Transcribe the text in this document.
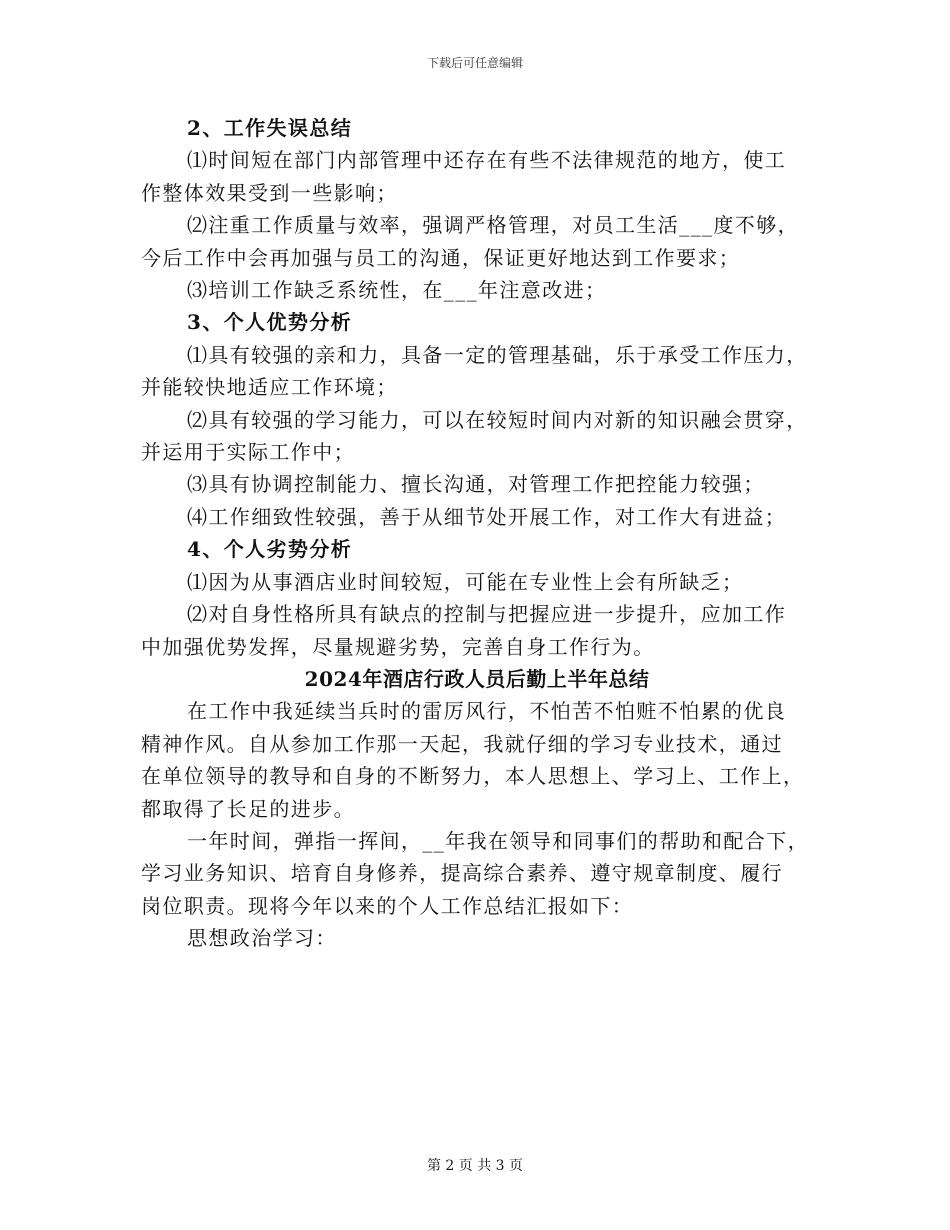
下载后可任意编辑
2、工作失误总结
⑴时间短在部门内部管理中还存在有些不法律规范的地方，使工
作整体效果受到一些影响；
⑵注重工作质量与效率，强调严格管理，对员工生活___度不够，
今后工作中会再加强与员工的沟通，保证更好地达到工作要求；
⑶培训工作缺乏系统性，在___年注意改进；
3、个人优势分析
⑴具有较强的亲和力，具备一定的管理基础，乐于承受工作压力，
并能较快地适应工作环境；
⑵具有较强的学习能力，可以在较短时间内对新的知识融会贯穿，
并运用于实际工作中；
⑶具有协调控制能力、擅长沟通，对管理工作把控能力较强；
⑷工作细致性较强，善于从细节处开展工作，对工作大有进益；
4、个人劣势分析
⑴因为从事酒店业时间较短，可能在专业性上会有所缺乏；
⑵对自身性格所具有缺点的控制与把握应进一步提升，应加工作
中加强优势发挥，尽量规避劣势，完善自身工作行为。
2024年酒店行政人员后勤上半年总结
在工作中我延续当兵时的雷厉风行，不怕苦不怕赃不怕累的优良
精神作风。自从参加工作那一天起，我就仔细的学习专业技术，通过
在单位领导的教导和自身的不断努力，本人思想上、学习上、工作上，
都取得了长足的进步。
一年时间，弹指一挥间，__年我在领导和同事们的帮助和配合下，
学习业务知识、培育自身修养，提高综合素养、遵守规章制度、履行
岗位职责。现将今年以来的个人工作总结汇报如下：
思想政治学习：
第 2 页 共 3 页
